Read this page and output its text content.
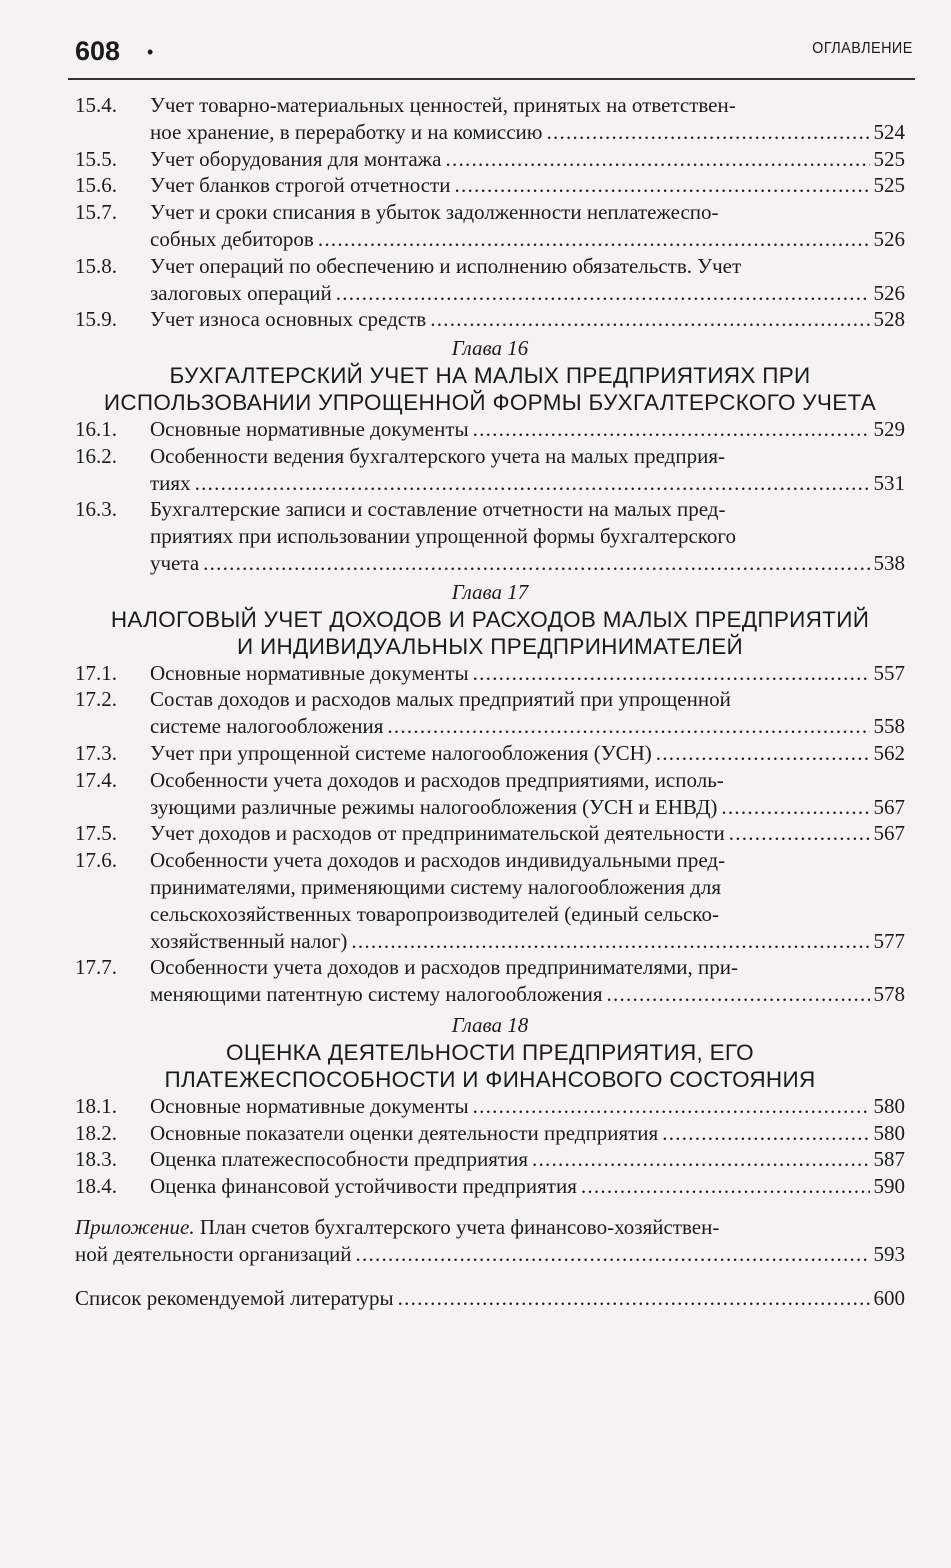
608 •	ОГЛАВЛЕНИЕ
15.4. Учет товарно-материальных ценностей, принятых на ответствен-
ное хранение, в переработку и на комиссию . . .	524
15.5. Учет оборудования для монтажа . . .	525
15.6. Учет бланков строгой отчетности . . .	525
15.7. Учет и сроки списания в убыток задолженности неплатежеспо-
собных дебиторов . . .	526
15.8. Учет операций по обеспечению и исполнению обязательств. Учет
залоговых операций . . .	526
15.9. Учет износа основных средств . . .	528
Глава 16
БУХГАЛТЕРСКИЙ УЧЕТ НА МАЛЫХ ПРЕДПРИЯТИЯХ ПРИ
ИСПОЛЬЗОВАНИИ УПРОЩЕННОЙ ФОРМЫ БУХГАЛТЕРСКОГО УЧЕТА
16.1. Основные нормативные документы . . .	529
16.2. Особенности ведения бухгалтерского учета на малых предприя-
тиях . . .	531
16.3. Бухгалтерские записи и составление отчетности на малых пред-
приятиях при использовании упрощенной формы бухгалтерского
учета . . .	538
Глава 17
НАЛОГОВЫЙ УЧЕТ ДОХОДОВ И РАСХОДОВ МАЛЫХ ПРЕДПРИЯТИЙ
И ИНДИВИДУАЛЬНЫХ ПРЕДПРИНИМАТЕЛЕЙ
17.1. Основные нормативные документы . . .	557
17.2. Состав доходов и расходов малых предприятий при упрощенной
системе налогообложения . . .	558
17.3. Учет при упрощенной системе налогообложения (УСН) . . .	562
17.4. Особенности учета доходов и расходов предприятиями, исполь-
зующими различные режимы налогообложения (УСН и ЕНВД) . . .	567
17.5. Учет доходов и расходов от предпринимательской деятельности . . .	567
17.6. Особенности учета доходов и расходов индивидуальными пред-
принимателями, применяющими систему налогообложения для
сельскохозяйственных товаропроизводителей (единый сельско-
хозяйственный налог) . . .	577
17.7. Особенности учета доходов и расходов предпринимателями, при-
меняющими патентную систему налогообложения . . .	578
Глава 18
ОЦЕНКА ДЕЯТЕЛЬНОСТИ ПРЕДПРИЯТИЯ, ЕГО
ПЛАТЕЖЕСПОСОБНОСТИ И ФИНАНСОВОГО СОСТОЯНИЯ
18.1. Основные нормативные документы . . .	580
18.2. Основные показатели оценки деятельности предприятия . . .	580
18.3. Оценка платежеспособности предприятия . . .	587
18.4. Оценка финансовой устойчивости предприятия . . .	590
Приложение. План счетов бухгалтерского учета финансово-хозяйствен-
ной деятельности организаций . . .	593
Список рекомендуемой литературы . . .	600
